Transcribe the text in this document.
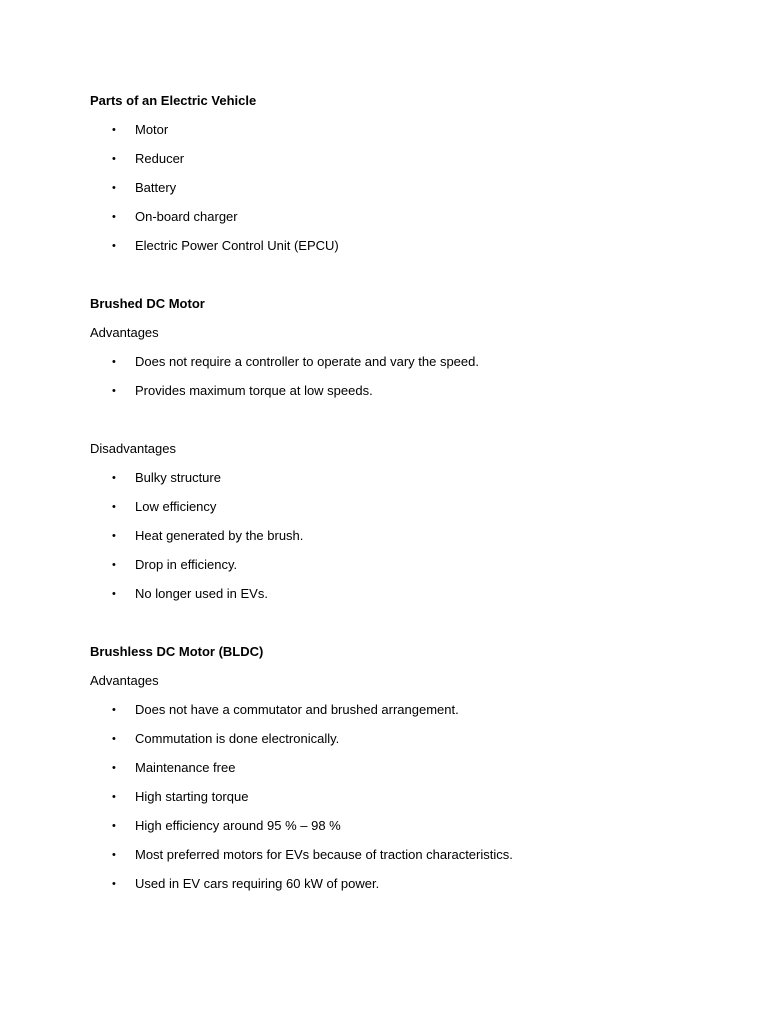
Parts of an Electric Vehicle
• Motor
• Reducer
• Battery
• On-board charger
• Electric Power Control Unit (EPCU)
Brushed DC Motor
Advantages
• Does not require a controller to operate and vary the speed.
• Provides maximum torque at low speeds.
Disadvantages
• Bulky structure
• Low efficiency
• Heat generated by the brush.
• Drop in efficiency.
• No longer used in EVs.
Brushless DC Motor (BLDC)
Advantages
• Does not have a commutator and brushed arrangement.
• Commutation is done electronically.
• Maintenance free
• High starting torque
• High efficiency around 95 % – 98 %
• Most preferred motors for EVs because of traction characteristics.
• Used in EV cars requiring 60 kW of power.
